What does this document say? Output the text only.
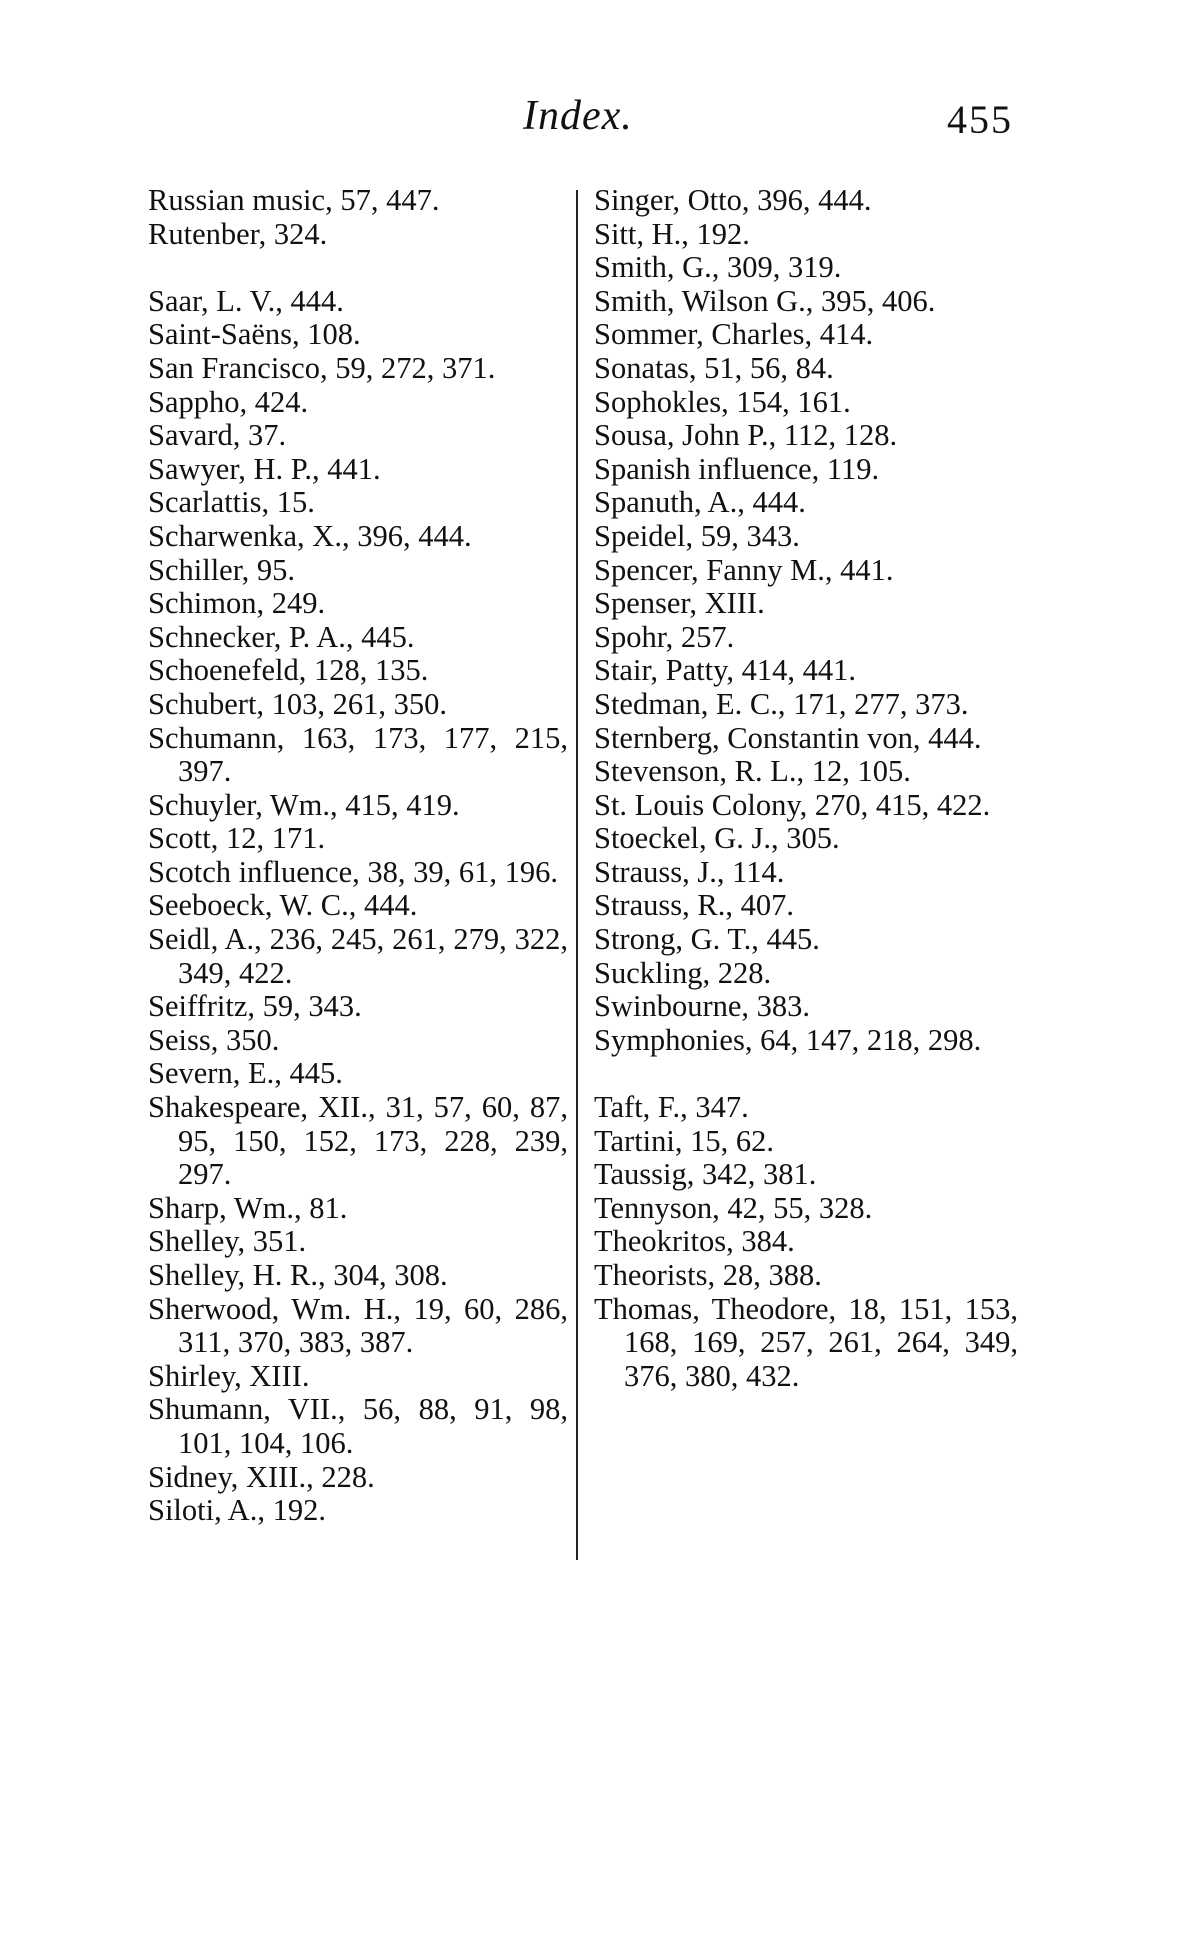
Index.	455
Russian music, 57, 447.
Rutenber, 324.
Saar, L. V., 444.
Saint-Saëns, 108.
San Francisco, 59, 272, 371.
Sappho, 424.
Savard, 37.
Sawyer, H. P., 441.
Scarlattis, 15.
Scharwenka, X., 396, 444.
Schiller, 95.
Schimon, 249.
Schnecker, P. A., 445.
Schoenefeld, 128, 135.
Schubert, 103, 261, 350.
Schumann, 163, 173, 177, 215, 397.
Schuyler, Wm., 415, 419.
Scott, 12, 171.
Scotch influence, 38, 39, 61, 196.
Seeboeck, W. C., 444.
Seidl, A., 236, 245, 261, 279, 322, 349, 422.
Seiffritz, 59, 343.
Seiss, 350.
Severn, E., 445.
Shakespeare, XII., 31, 57, 60, 87, 95, 150, 152, 173, 228, 239, 297.
Sharp, Wm., 81.
Shelley, 351.
Shelley, H. R., 304, 308.
Sherwood, Wm. H., 19, 60, 286, 311, 370, 383, 387.
Shirley, XIII.
Shumann, VII., 56, 88, 91, 98, 101, 104, 106.
Sidney, XIII., 228.
Siloti, A., 192.
Singer, Otto, 396, 444.
Sitt, H., 192.
Smith, G., 309, 319.
Smith, Wilson G., 395, 406.
Sommer, Charles, 414.
Sonatas, 51, 56, 84.
Sophokles, 154, 161.
Sousa, John P., 112, 128.
Spanish influence, 119.
Spanuth, A., 444.
Speidel, 59, 343.
Spencer, Fanny M., 441.
Spenser, XIII.
Spohr, 257.
Stair, Patty, 414, 441.
Stedman, E. C., 171, 277, 373.
Sternberg, Constantin von, 444.
Stevenson, R. L., 12, 105.
St. Louis Colony, 270, 415, 422.
Stoeckel, G. J., 305.
Strauss, J., 114.
Strauss, R., 407.
Strong, G. T., 445.
Suckling, 228.
Swinbourne, 383.
Symphonies, 64, 147, 218, 298.
Taft, F., 347.
Tartini, 15, 62.
Taussig, 342, 381.
Tennyson, 42, 55, 328.
Theokritos, 384.
Theorists, 28, 388.
Thomas, Theodore, 18, 151, 153, 168, 169, 257, 261, 264, 349, 376, 380, 432.
